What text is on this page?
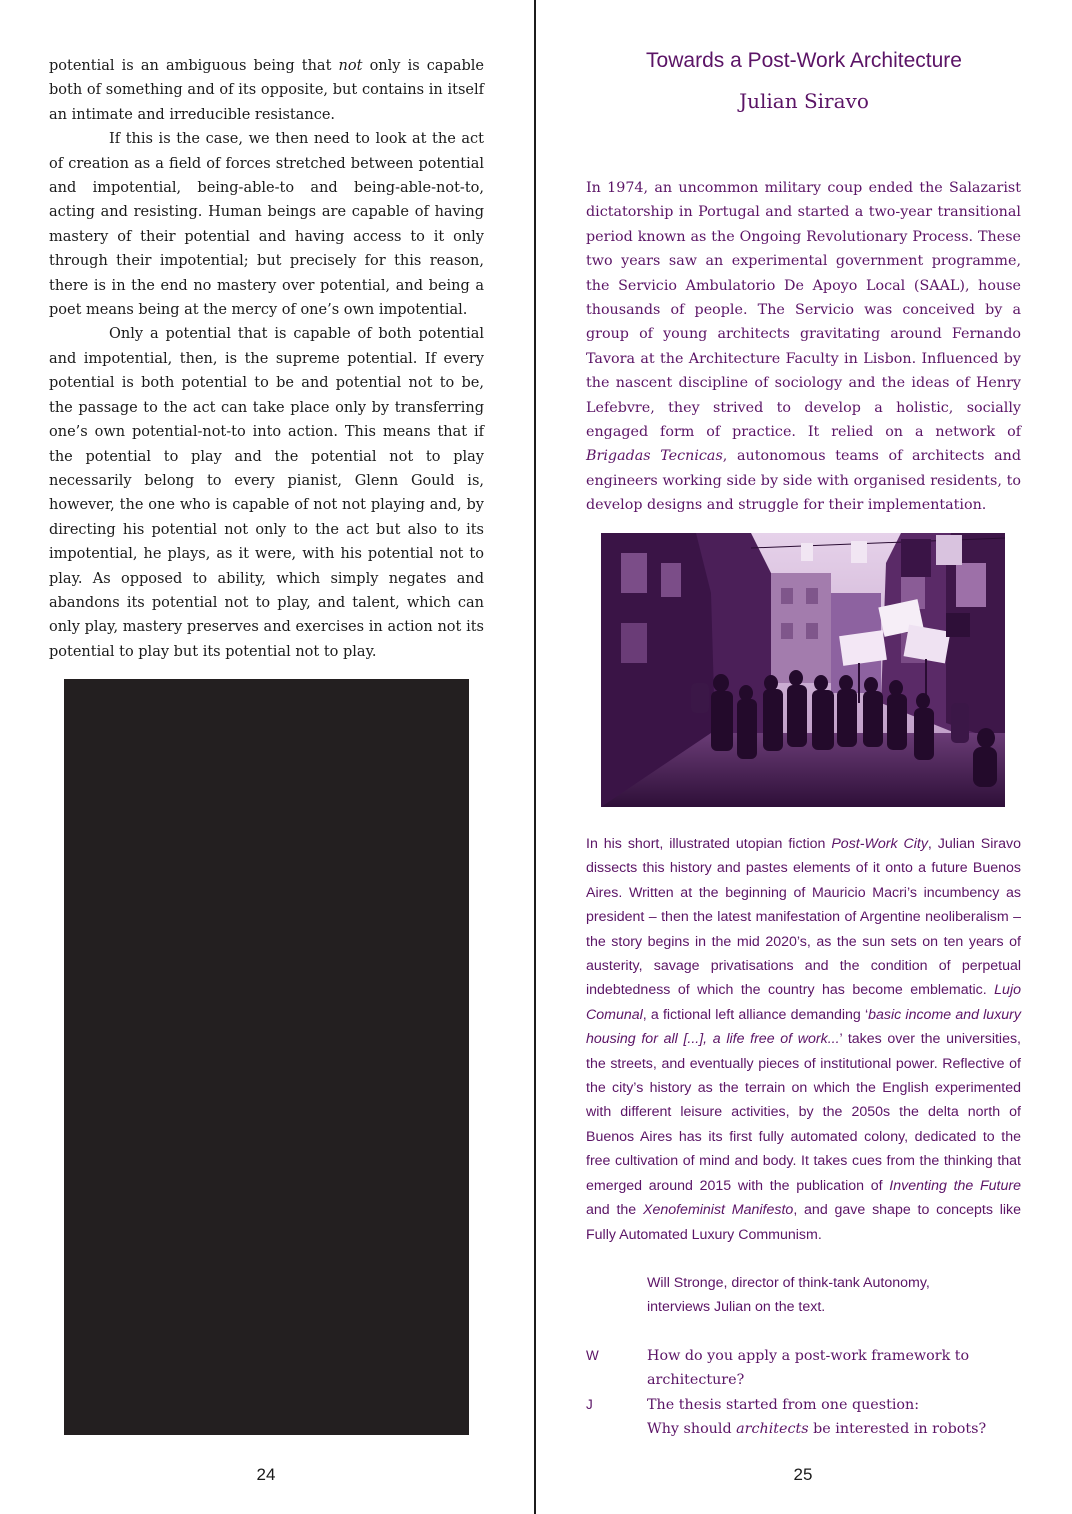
potential is an ambiguous being that not only is capable both of something and of its opposite, but contains in itself an intimate and irreducible resistance.

If this is the case, we then need to look at the act of creation as a field of forces stretched between potential and impotential, being-able-to and being-able-not-to, acting and resisting. Human beings are capable of having mastery of their potential and having access to it only through their impotential; but precisely for this reason, there is in the end no mastery over potential, and being a poet means being at the mercy of one’s own impotential.

Only a potential that is capable of both potential and impotential, then, is the supreme potential. If every potential is both potential to be and potential not to be, the passage to the act can take place only by transferring one’s own potential-not-to into action. This means that if the potential to play and the potential not to play necessarily belong to every pianist, Glenn Gould is, however, the one who is capable of not not playing and, by directing his potential not only to the act but also to its impotential, he plays, as it were, with his potential not to play. As opposed to ability, which simply negates and abandons its potential not to play, and talent, which can only play, mastery preserves and exercises in action not its potential to play but its potential not to play.

24
Towards a Post-Work Architecture
Julian Siravo

In 1974, an uncommon military coup ended the Salazarist dictatorship in Portugal and started a two-year transitional period known as the Ongoing Revolutionary Process. These two years saw an experimental government programme, the Servicio Ambulatorio De Apoyo Local (SAAL), house thousands of people. The Servicio was conceived by a group of young architects gravitating around Fernando Tavora at the Architecture Faculty in Lisbon. Influenced by the nascent discipline of sociology and the ideas of Henry Lefebvre, they strived to develop a holistic, socially engaged form of practice. It relied on a network of Brigadas Tecnicas, autonomous teams of architects and engineers working side by side with organised residents, to develop designs and struggle for their implementation.

In his short, illustrated utopian fiction Post-Work City, Julian Siravo dissects this history and pastes elements of it onto a future Buenos Aires. Written at the beginning of Mauricio Macri’s incumbency as president – then the latest manifestation of Argentine neoliberalism – the story begins in the mid 2020’s, as the sun sets on ten years of austerity, savage privatisations and the condition of perpetual indebtedness of which the country has become emblematic. Lujo Comunal, a fictional left alliance demanding ‘basic income and luxury housing for all [...], a life free of work...’ takes over the universities, the streets, and eventually pieces of institutional power. Reflective of the city’s history as the terrain on which the English experimented with different leisure activities, by the 2050s the delta north of Buenos Aires has its first fully automated colony, dedicated to the free cultivation of mind and body. It takes cues from the thinking that emerged around 2015 with the publication of Inventing the Future and the Xenofeminist Manifesto, and gave shape to concepts like Fully Automated Luxury Communism.

Will Stronge, director of think-tank Autonomy,
interviews Julian on the text.
W	How do you apply a post-work framework to
architecture?
J	The thesis started from one question:
Why should architects be interested in robots?
25
